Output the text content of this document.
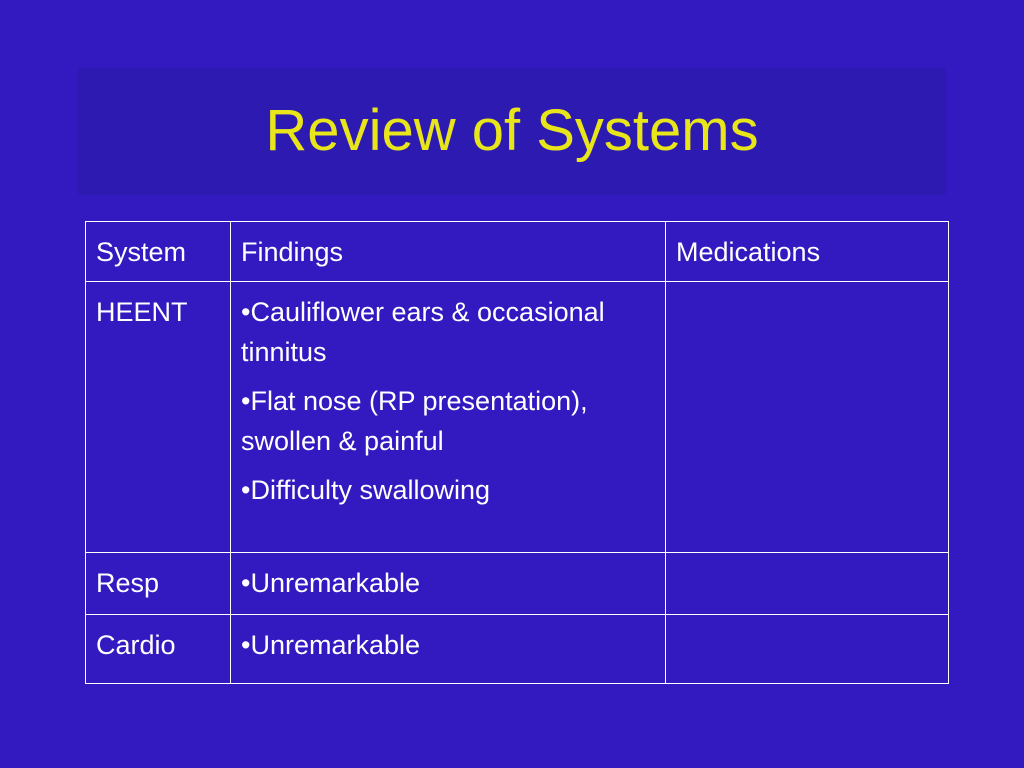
Review of Systems
System	Findings	Medications
HEENT	•Cauliflower ears & occasional tinnitus

•Flat nose (RP presentation), swollen & painful

•Difficulty swallowing	

Resp	•Unremarkable	

Cardio	•Unremarkable	
